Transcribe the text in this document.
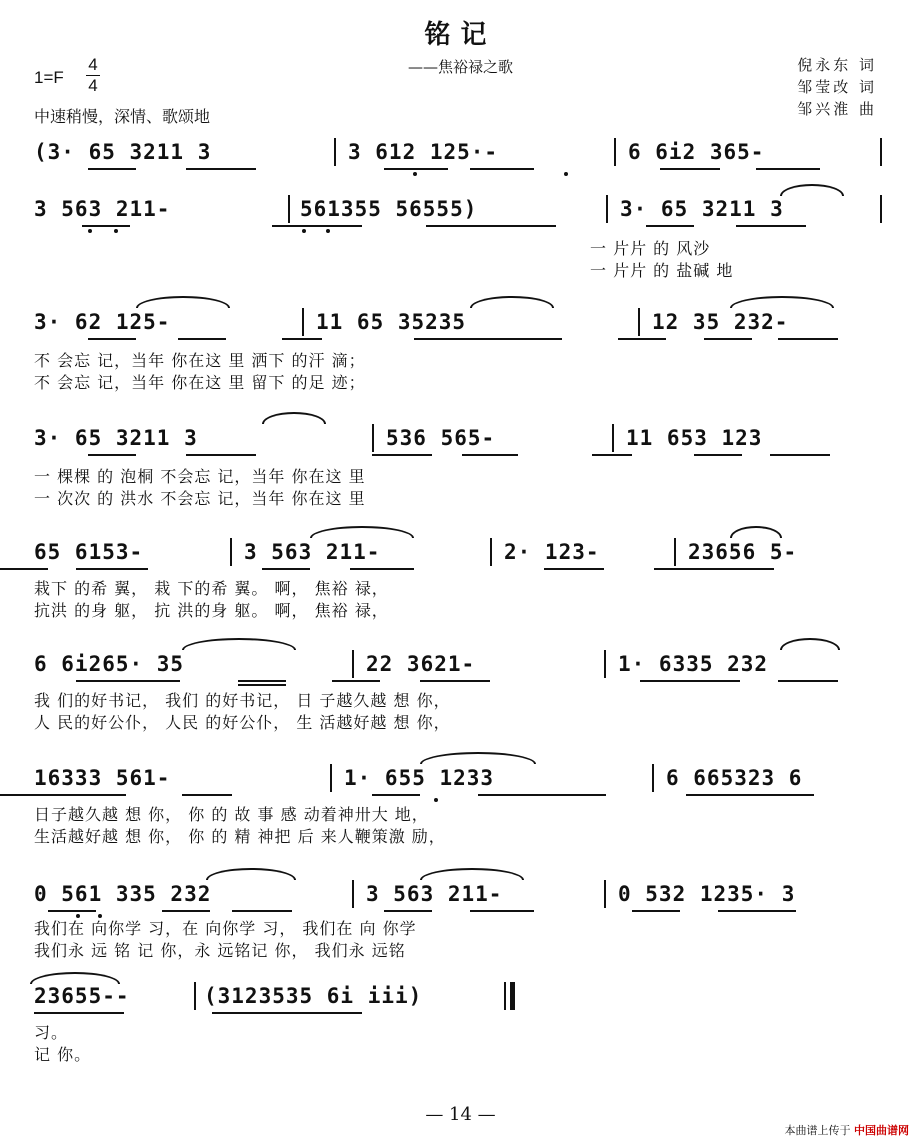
铭记
——焦裕禄之歌
1=F
4
4
中速稍慢，深情、歌颂地
倪永东 词
邹莹改 词
邹兴淮 曲
(3· 65 3211 3	3 612 125·-	6 6i2 365-
3 563 211-	561355 56555)	3· 65 3211 3
一 片片 的 风沙
一 片片 的 盐碱 地
3· 62 125-	11 65 35235	12 35 232-
不 会忘 记，当年 你在这 里 洒下 的汗 滴；
不 会忘 记，当年 你在这 里 留下 的足 迹；
3· 65 3211 3	536 565-	11 653 123
一 棵棵 的 泡桐 不会忘 记，当年 你在这 里
一 次次 的 洪水 不会忘 记，当年 你在这 里
65 6153-	3 563 211-	2· 123-	23656 5-
栽下 的希 翼， 栽 下的希 翼。 啊， 焦裕 禄，
抗洪 的身 躯， 抗 洪的身 躯。 啊， 焦裕 禄，
6 6i265· 35	22 3621-	1· 6335 232
我 们的好书记， 我们 的好书记， 日 子越久越 想 你，
人 民的好公仆， 人民 的好公仆， 生 活越好越 想 你，
16333 561-	1· 655 1233	6 665323 6
日子越久越 想 你， 你 的 故 事 感 动着神卅大 地，
生活越好越 想 你， 你 的 精 神把 后 来人鞭策激 励，
0 561 335 232	3 563 211-	0 532 1235· 3
我们在 向你学 习，在 向你学 习， 我们在 向 你学
我们永 远 铭 记 你，永 远铭记 你， 我们永 远铭
23655--	(3123535 6i iii)
习。
记 你。
— 14 —
本曲谱上传于 中国曲谱网
